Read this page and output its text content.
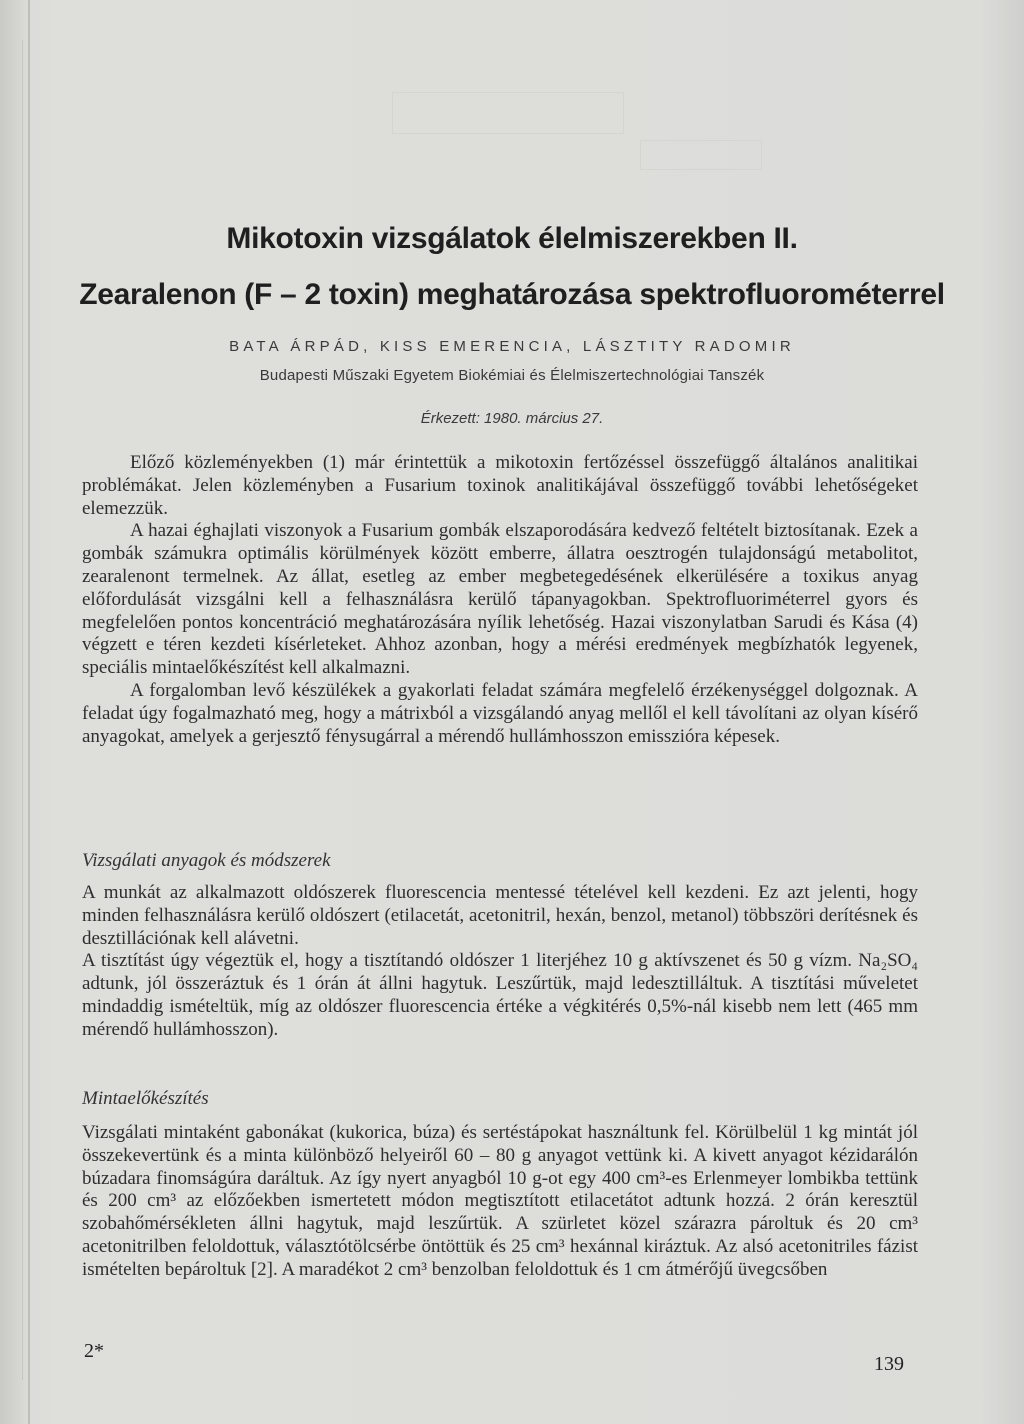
Mikotoxin vizsgálatok élelmiszerekben II.
Zearalenon (F – 2 toxin) meghatározása spektrofluorométerrel
BATA ÁRPÁD, KISS EMERENCIA, LÁSZTITY RADOMIR
Budapesti Műszaki Egyetem Biokémiai és Élelmiszertechnológiai Tanszék
Érkezett: 1980. március 27.

Előző közleményekben (1) már érintettük a mikotoxin fertőzéssel összefüggő általános analitikai problémákat. Jelen közleményben a Fusarium toxinok analitikájával összefüggő további lehetőségeket elemezzük.

A hazai éghajlati viszonyok a Fusarium gombák elszaporodására kedvező feltételt biztosítanak. Ezek a gombák számukra optimális körülmények között emberre, állatra oesztrogén tulajdonságú metabolitot, zearalenont termelnek. Az állat, esetleg az ember megbetegedésének elkerülésére a toxikus anyag előfordulását vizsgálni kell a felhasználásra kerülő tápanyagokban. Spektrofluoriméterrel gyors és megfelelően pontos koncentráció meghatározására nyílik lehetőség. Hazai viszonylatban Sarudi és Kása (4) végzett e téren kezdeti kísérleteket. Ahhoz azonban, hogy a mérési eredmények megbízhatók legyenek, speciális mintaelőkészítést kell alkalmazni.

A forgalomban levő készülékek a gyakorlati feladat számára megfelelő érzékenységgel dolgoznak. A feladat úgy fogalmazható meg, hogy a mátrixból a vizsgálandó anyag mellől el kell távolítani az olyan kísérő anyagokat, amelyek a gerjesztő fénysugárral a mérendő hullámhosszon emisszióra képesek.

Vizsgálati anyagok és módszerek

A munkát az alkalmazott oldószerek fluorescencia mentessé tételével kell kezdeni. Ez azt jelenti, hogy minden felhasználásra kerülő oldószert (etilacetát, acetonitril, hexán, benzol, metanol) többszöri derítésnek és desztillációnak kell alávetni.

A tisztítást úgy végeztük el, hogy a tisztítandó oldószer 1 literjéhez 10 g aktívszenet és 50 g vízm. Na₂SO₄ adtunk, jól összeráztuk és 1 órán át állni hagytuk. Leszűrtük, majd ledesztilláltuk. A tisztítási műveletet mindaddig ismételtük, míg az oldószer fluorescencia értéke a végkitérés 0,5%-nál kisebb nem lett (465 mm mérendő hullámhosszon).

Mintaelőkészítés

Vizsgálati mintaként gabonákat (kukorica, búza) és sertéstápokat használtunk fel. Körülbelül 1 kg mintát jól összekevertünk és a minta különböző helyeiről 60 – 80 g anyagot vettünk ki. A kivett anyagot kézidarálón búzadara finomságúra daráltuk. Az így nyert anyagból 10 g-ot egy 400 cm³-es Erlenmeyer lombikba tettünk és 200 cm³ az előzőekben ismertetett módon megtisztított etilacetátot adtunk hozzá. 2 órán keresztül szobahőmérsékleten állni hagytuk, majd leszűrtük. A szürletet közel szárazra pároltuk és 20 cm³ acetonitrilben feloldottuk, választótölcsérbe öntöttük és 25 cm³ hexánnal kiráztuk. Az alsó acetonitriles fázist ismételten bepároltuk [2]. A maradékot 2 cm³ benzolban feloldottuk és 1 cm átmérőjű üvegcsőben

2*
139
